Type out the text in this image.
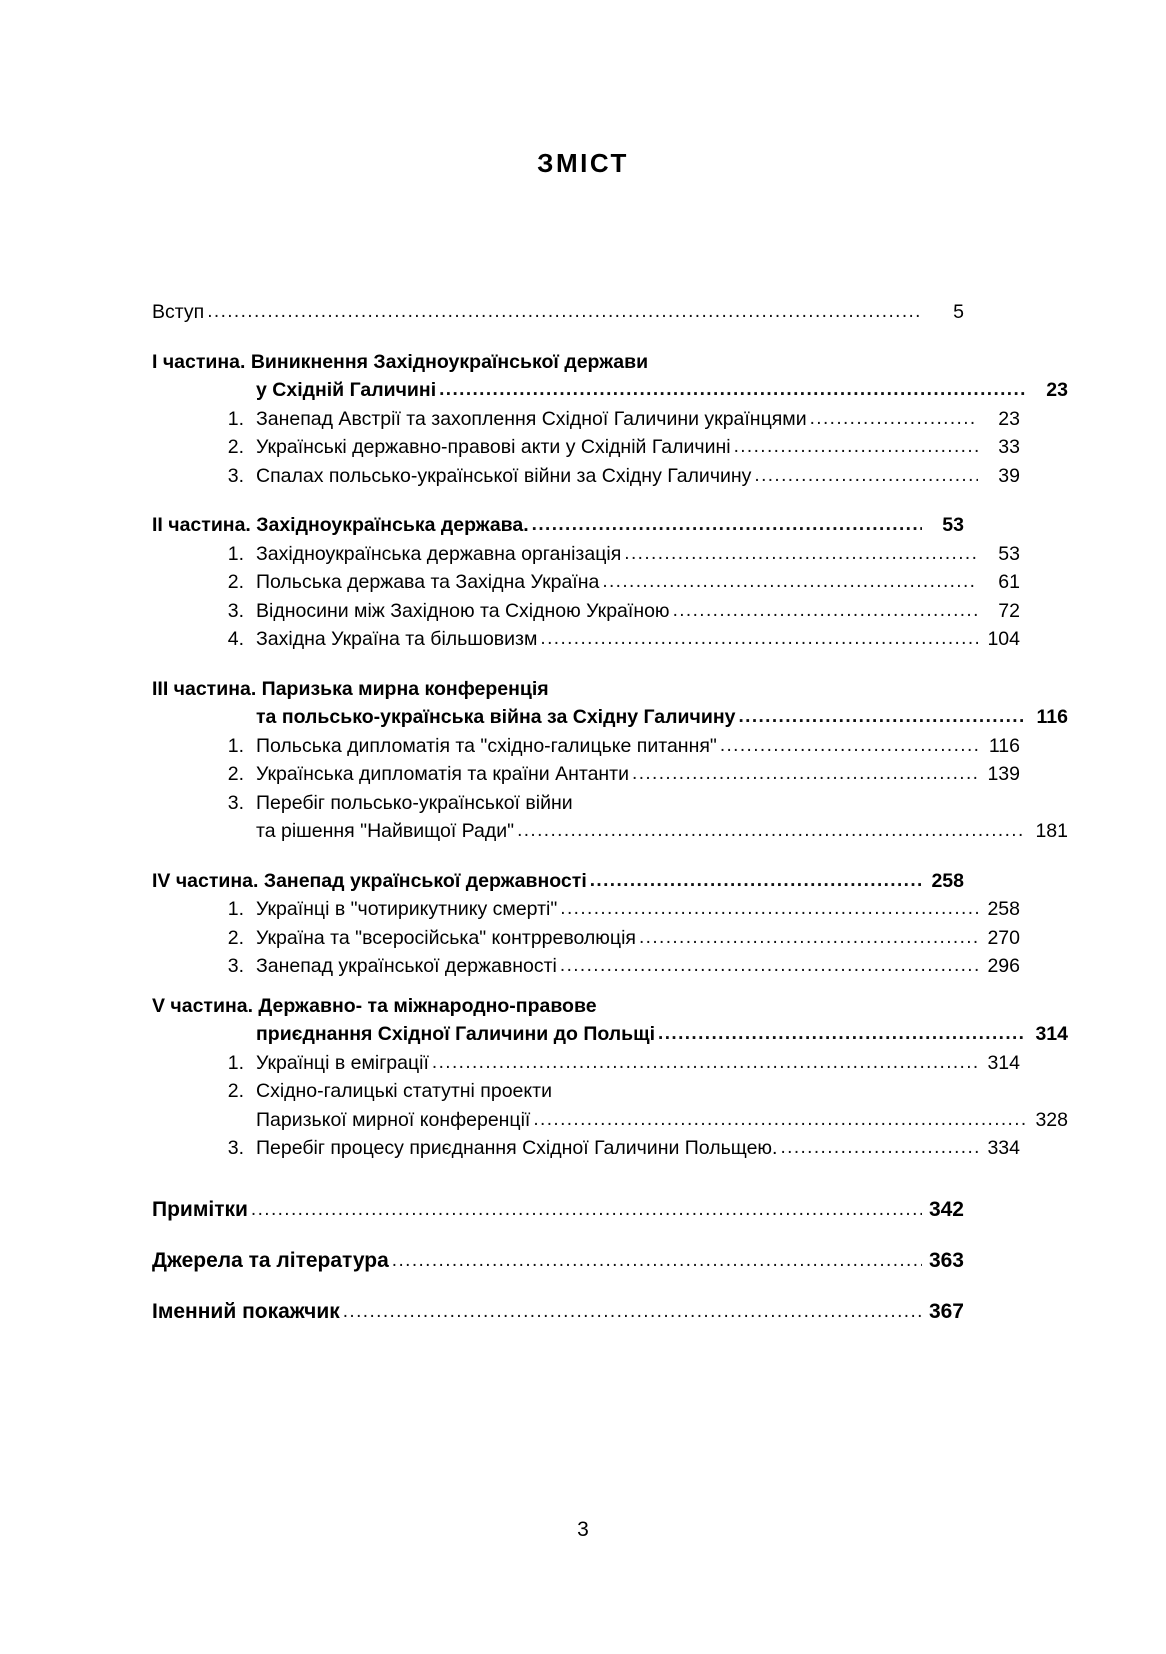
ЗМІСТ
Вступ .....	5
І частина. Виникнення Західноукраїнської держави
у Східній Галичині .....	23
1. Занепад Австрії та захоплення Східної Галичини українцями .....	23
2. Українські державно-правові акти у Східній Галичині .....	33
3. Спалах польсько-української війни за Східну Галичину .....	39
ІІ частина. Західноукраїнська держава. .....	53
1. Західноукраїнська державна організація .....	53
2. Польська держава та Західна Україна .....	61
3. Відносини між Західною та Східною Україною .....	72
4. Західна Україна та більшовизм .....	104
ІІІ частина. Паризька мирна конференція
та польсько-українська війна за Східну Галичину .....	116
1. Польська дипломатія та "східно-галицьке питання" .....	116
2. Українська дипломатія та країни Антанти .....	139
3. Перебіг польсько-української війни
та рішення "Найвищої Ради" .....	181
IV частина. Занепад української державності .....	258
1. Українці в "чотирикутнику смерті" .....	258
2. Україна та "всеросійська" контрреволюція .....	270
3. Занепад української державності .....	296
V частина. Державно- та міжнародно-правове
приєднання Східної Галичини до Польщі .....	314
1. Українці в еміграції .....	314
2. Східно-галицькі статутні проекти
Паризької мирної конференції .....	328
3. Перебіг процесу приєднання Східної Галичини Польщею. .....	334
Примітки .....	342
Джерела та література .....	363
Іменний покажчик .....	367
3
